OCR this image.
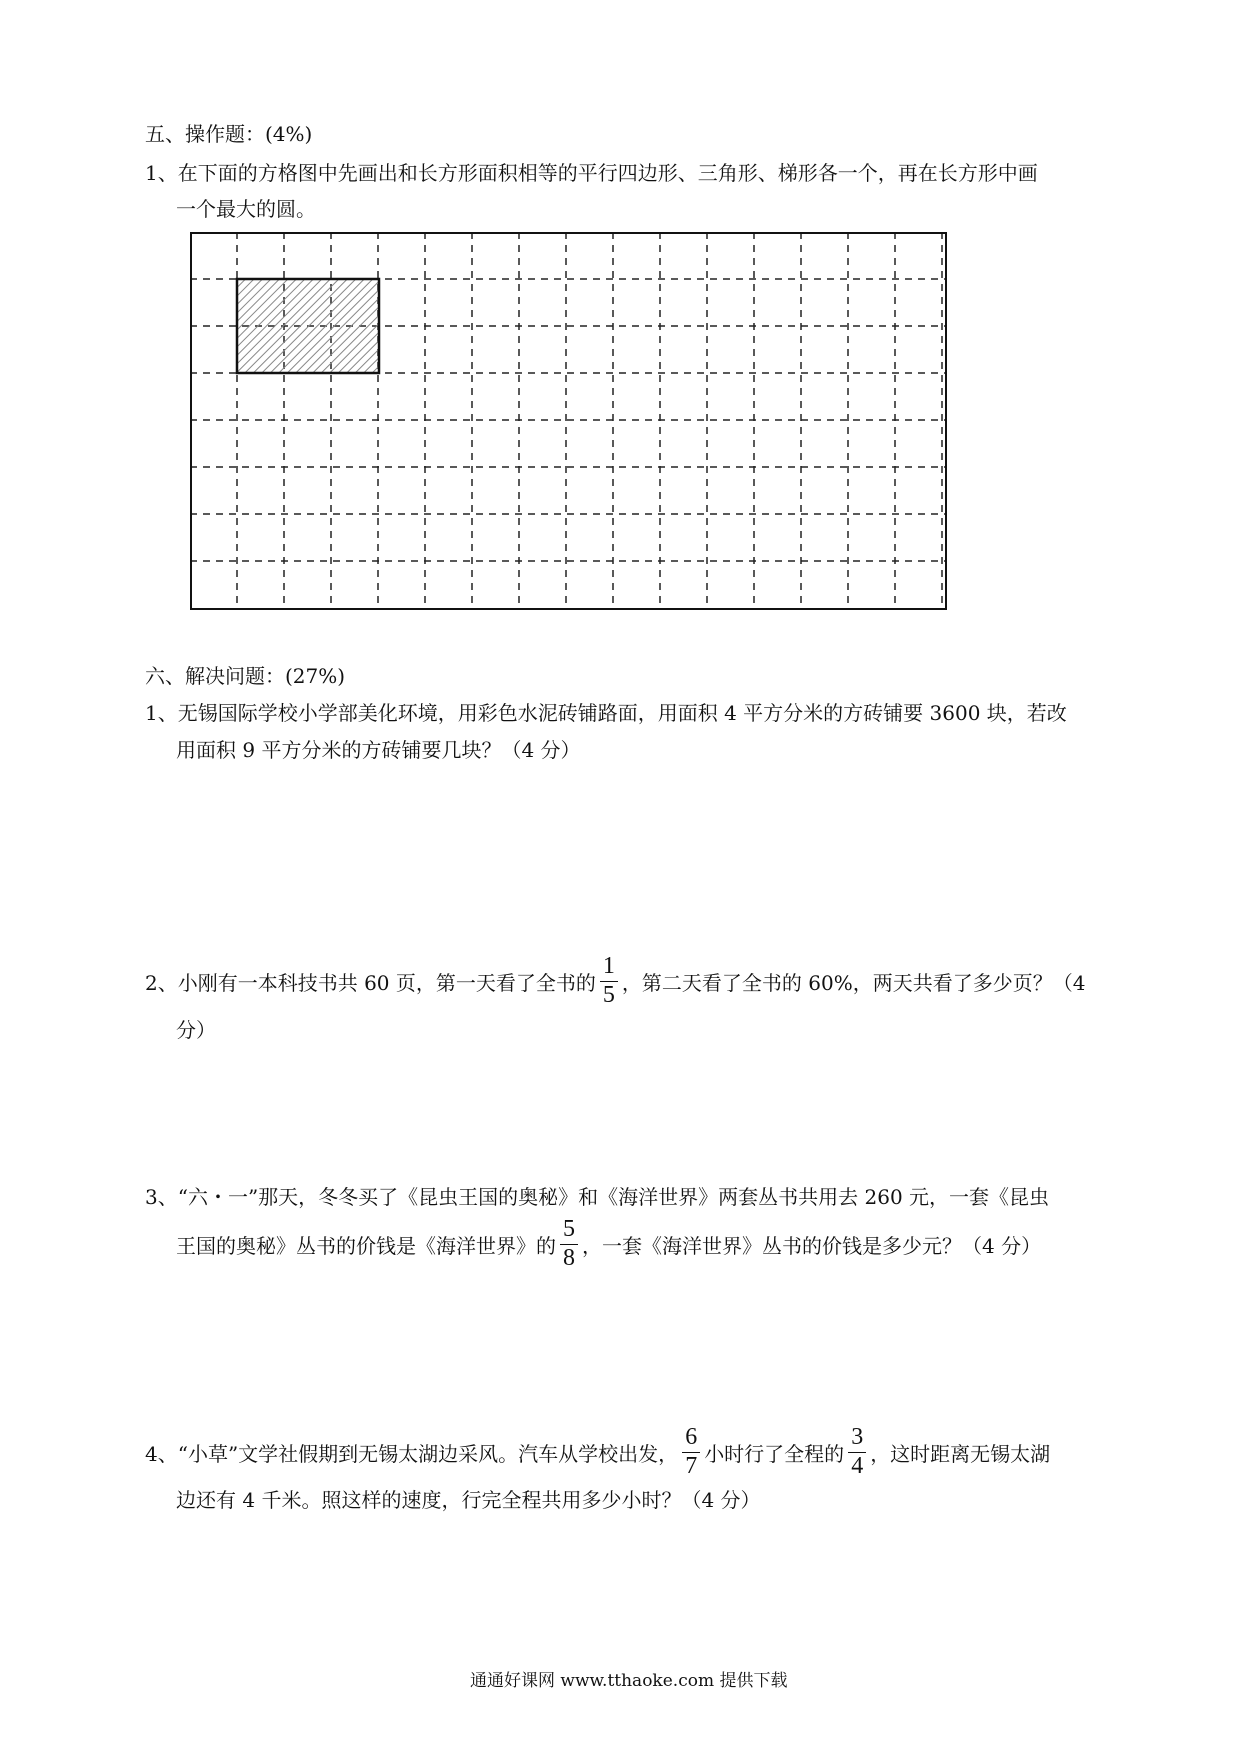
五、操作题：(4%)
1、在下面的方格图中先画出和长方形面积相等的平行四边形、三角形、梯形各一个，再在长方形中画
一个最大的圆。
六、解决问题：(27%)
1、无锡国际学校小学部美化环境，用彩色水泥砖铺路面，用面积 4 平方分米的方砖铺要 3600 块，若改
用面积 9 平方分米的方砖铺要几块？（4 分）
2、小刚有一本科技书共 60 页，第一天看了全书的 $\frac{1}{5}$ ，第二天看了全书的 60%，两天共看了多少页？（4
分）
3、“六・一”那天，冬冬买了《昆虫王国的奥秘》和《海洋世界》两套丛书共用去 260 元，一套《昆虫
王国的奥秘》丛书的价钱是《海洋世界》的 $\frac{5}{8}$ ，一套《海洋世界》丛书的价钱是多少元？（4 分）
4、“小草”文学社假期到无锡太湖边采风。汽车从学校出发， $\frac{6}{7}$ 小时行了全程的 $\frac{3}{4}$ ，这时距离无锡太湖
边还有 4 千米。照这样的速度，行完全程共用多少小时？（4 分）
通通好课网 www.tthaoke.com 提供下载
